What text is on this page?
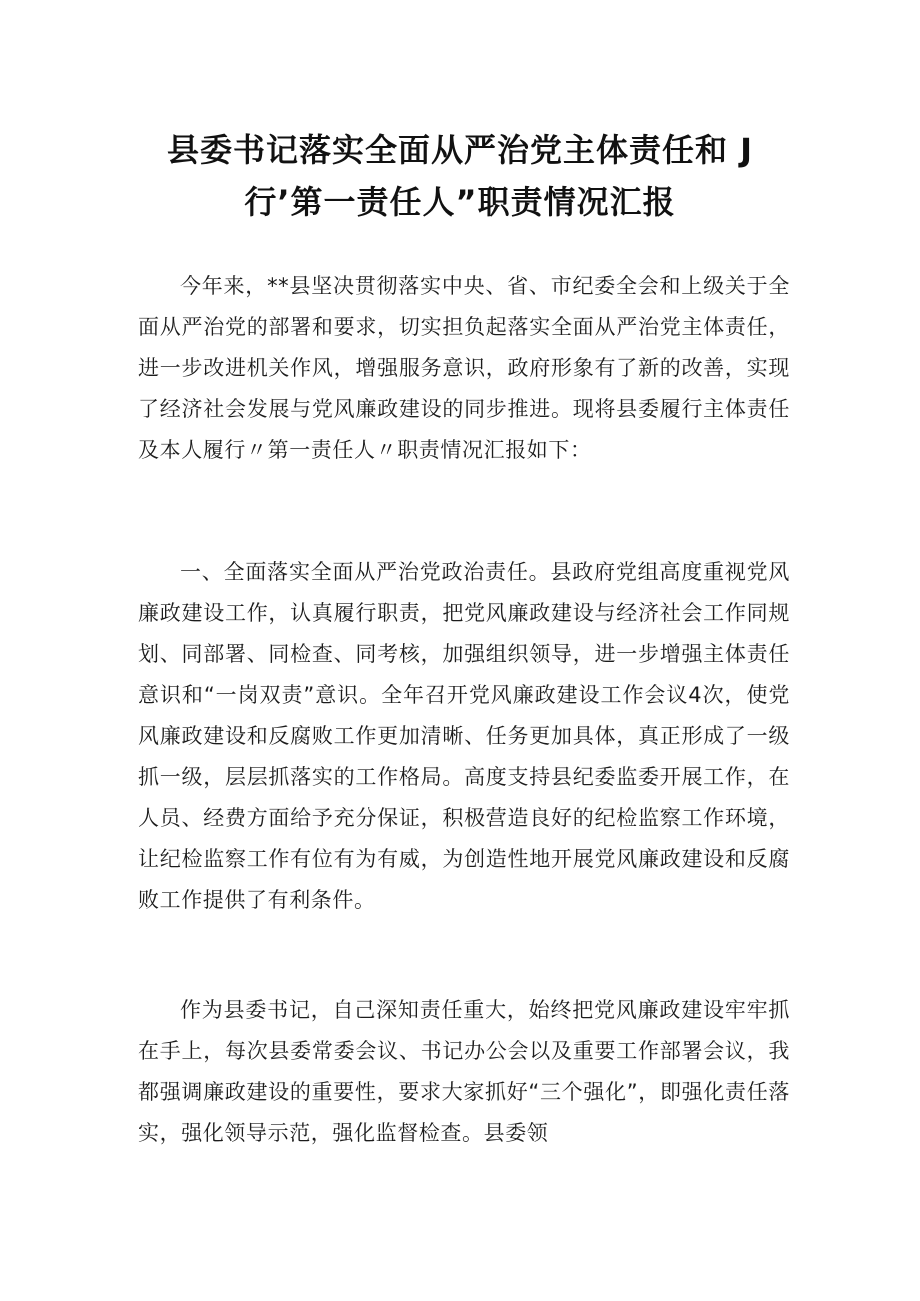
县委书记落实全面从严治党主体责任和 J
行’第一责任人”职责情况汇报

今年来，**县坚决贯彻落实中央、省、市纪委全会和上级关于全面从严治党的部署和要求，切实担负起落实全面从严治党主体责任，进一步改进机关作风，增强服务意识，政府形象有了新的改善，实现了经济社会发展与党风廉政建设的同步推进。现将县委履行主体责任及本人履行〃第一责任人〃职责情况汇报如下：

一、全面落实全面从严治党政治责任。县政府党组高度重视党风廉政建设工作，认真履行职责，把党风廉政建设与经济社会工作同规划、同部署、同检查、同考核，加强组织领导，进一步增强主体责任意识和“一岗双责”意识。全年召开党风廉政建设工作会议4次，使党风廉政建设和反腐败工作更加清晰、任务更加具体，真正形成了一级抓一级，层层抓落实的工作格局。高度支持县纪委监委开展工作，在人员、经费方面给予充分保证，积极营造良好的纪检监察工作环境，让纪检监察工作有位有为有威，为创造性地开展党风廉政建设和反腐败工作提供了有利条件。

作为县委书记，自己深知责任重大，始终把党风廉政建设牢牢抓在手上，每次县委常委会议、书记办公会以及重要工作部署会议，我都强调廉政建设的重要性，要求大家抓好“三个强化”，即强化责任落实，强化领导示范，强化监督检查。县委领
